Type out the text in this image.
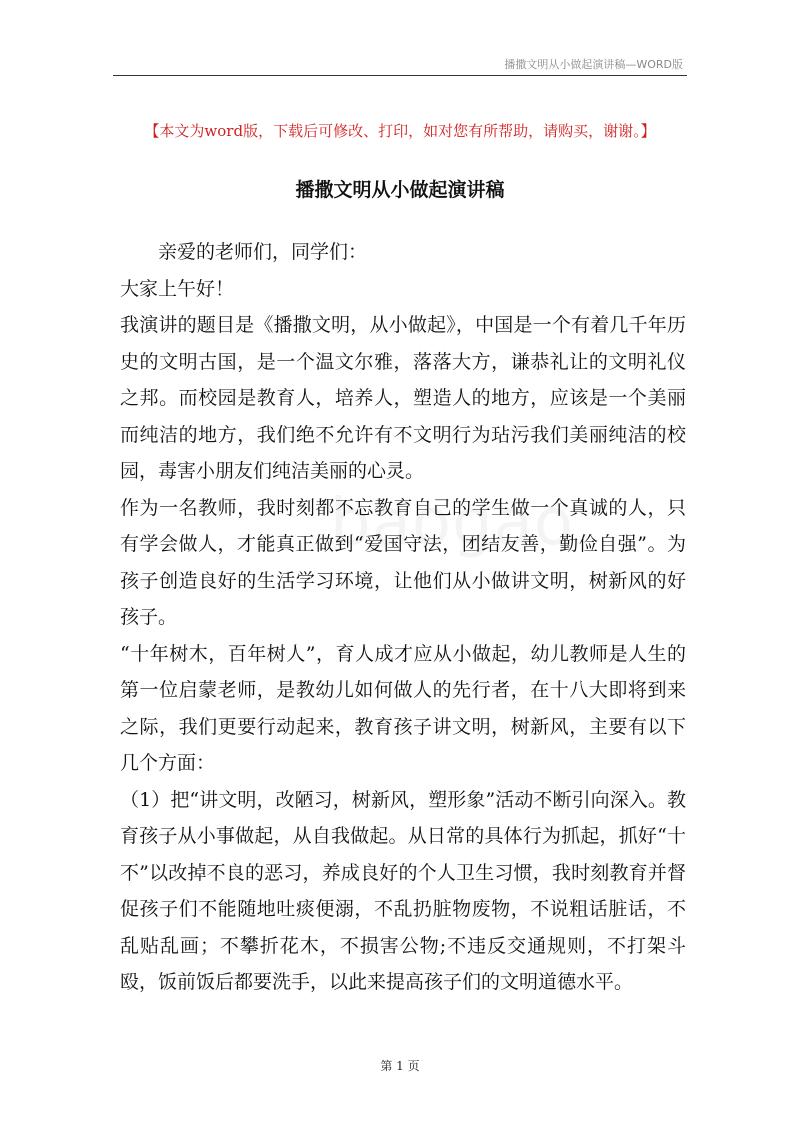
播撒文明从小做起演讲稿—WORD版
【本文为word版，下载后可修改、打印，如对您有所帮助，请购买，谢谢。】
播撒文明从小做起演讲稿

亲爱的老师们，同学们：

大家上午好！

我演讲的题目是《播撒文明，从小做起》，中国是一个有着几千年历史的文明古国，是一个温文尔雅，落落大方，谦恭礼让的文明礼仪之邦。而校园是教育人，培养人，塑造人的地方，应该是一个美丽而纯洁的地方，我们绝不允许有不文明行为玷污我们美丽纯洁的校园，毒害小朋友们纯洁美丽的心灵。

作为一名教师，我时刻都不忘教育自己的学生做一个真诚的人，只有学会做人，才能真正做到“爱国守法，团结友善，勤俭自强”。为孩子创造良好的生活学习环境，让他们从小做讲文明，树新风的好孩子。

“十年树木，百年树人”，育人成才应从小做起，幼儿教师是人生的第一位启蒙老师，是教幼儿如何做人的先行者，在十八大即将到来之际，我们更要行动起来，教育孩子讲文明，树新风，主要有以下几个方面：

（1）把“讲文明，改陋习，树新风，塑形象”活动不断引向深入。教育孩子从小事做起，从自我做起。从日常的具体行为抓起，抓好“十不”以改掉不良的恶习，养成良好的个人卫生习惯，我时刻教育并督促孩子们不能随地吐痰便溺，不乱扔脏物废物，不说粗话脏话，不乱贴乱画；不攀折花木，不损害公物;不违反交通规则，不打架斗殴，饭前饭后都要洗手，以此来提高孩子们的文明道德水平。

第 1 页
